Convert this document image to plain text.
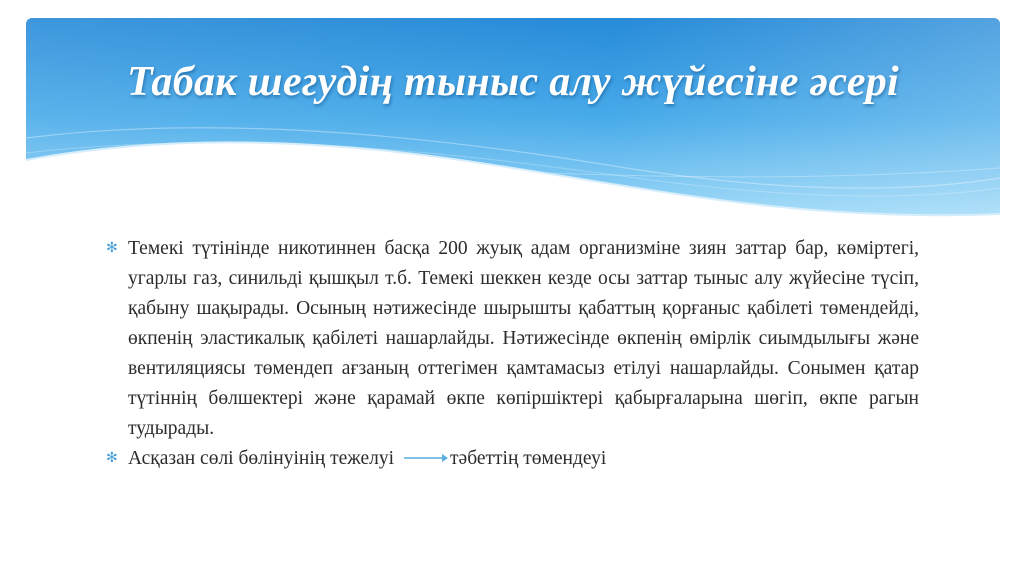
Табак шегудің тыныс алу жүйесіне әсері
✻ Темекі түтінінде никотиннен басқа 200 жуық адам организміне зиян заттар бар, көміртегі, угарлы газ, синильді қышқыл т.б. Темекі шеккен кезде осы заттар тыныс алу жүйесіне түсіп, қабыну шақырады. Осының нәтижесінде шырышты қабаттың қорғаныс қабілеті төмендейді, өкпенің эластикалық қабілеті нашарлайды. Нәтижесінде өкпенің өмірлік сиымдылығы және вентиляциясы төмендеп ағзаның оттегімен қамтамасыз етілуі нашарлайды. Сонымен қатар түтіннің бөлшектері және қарамай өкпе көпіршіктері қабырғаларына шөгіп, өкпе рагын тудырады.
✻ Асқазан сөлі бөлінуінің тежелуі	тәбеттің төмендеуі
